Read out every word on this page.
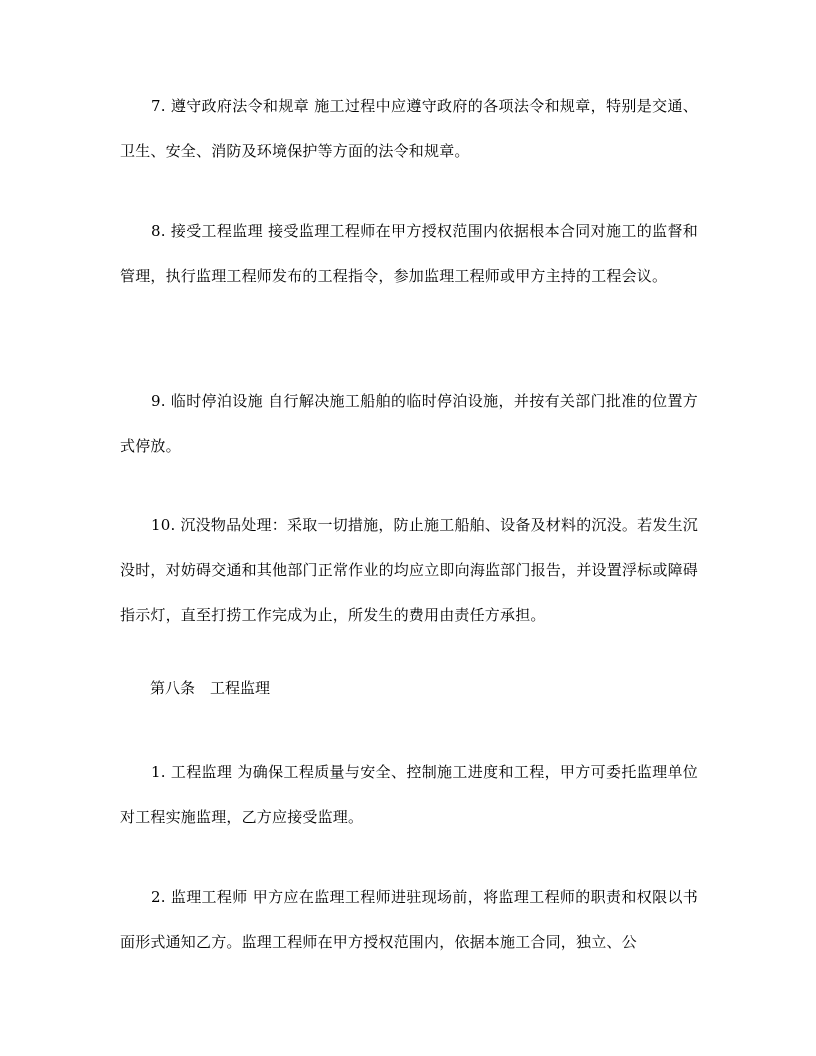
7. 遵守政府法令和规章 施工过程中应遵守政府的各项法令和规章，特别是交通、卫生、安全、消防及环境保护等方面的法令和规章。

8. 接受工程监理 接受监理工程师在甲方授权范围内依据根本合同对施工的监督和管理，执行监理工程师发布的工程指令，参加监理工程师或甲方主持的工程会议。

9. 临时停泊设施 自行解决施工船舶的临时停泊设施，并按有关部门批准的位置方式停放。

10. 沉没物品处理：采取一切措施，防止施工船舶、设备及材料的沉没。若发生沉没时，对妨碍交通和其他部门正常作业的均应立即向海监部门报告，并设置浮标或障碍指示灯，直至打捞工作完成为止，所发生的费用由责任方承担。

第八条　工程监理

1. 工程监理 为确保工程质量与安全、控制施工进度和工程，甲方可委托监理单位对工程实施监理，乙方应接受监理。

2. 监理工程师 甲方应在监理工程师进驻现场前，将监理工程师的职责和权限以书面形式通知乙方。监理工程师在甲方授权范围内，依据本施工合同，独立、公
